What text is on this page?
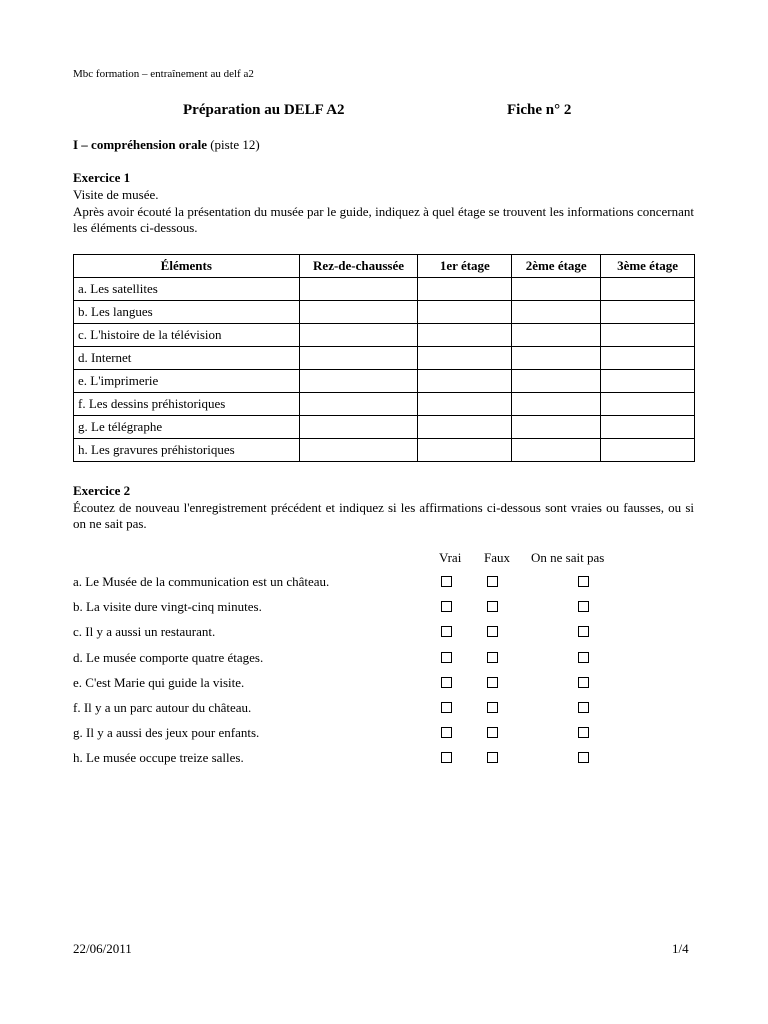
Mbc formation – entraînement au delf a2
Préparation au DELF A2	Fiche n° 2
I – compréhension orale (piste 12)
Exercice 1
Visite de musée.
Après avoir écouté la présentation du musée par le guide, indiquez à quel étage se trouvent les informations concernant les éléments ci-dessous.
Éléments	Rez-de-chaussée	1er étage	2ème étage	3ème étage
a. Les satellites				
b. Les langues				
c. L'histoire de la télévision				
d. Internet				
e. L'imprimerie				
f. Les dessins préhistoriques				
g. Le télégraphe				
h. Les gravures préhistoriques				
Exercice 2
Écoutez de nouveau l'enregistrement précédent et indiquez si les affirmations ci-dessous sont vraies ou fausses, ou si on ne sait pas.
Vrai Faux On ne sait pas
a. Le Musée de la communication est un château.
b. La visite dure vingt-cinq minutes.
c. Il y a aussi un restaurant.
d. Le musée comporte quatre étages.
e. C'est Marie qui guide la visite.
f. Il y a un parc autour du château.
g. Il y a aussi des jeux pour enfants.
h. Le musée occupe treize salles.
22/06/2011	1/4
